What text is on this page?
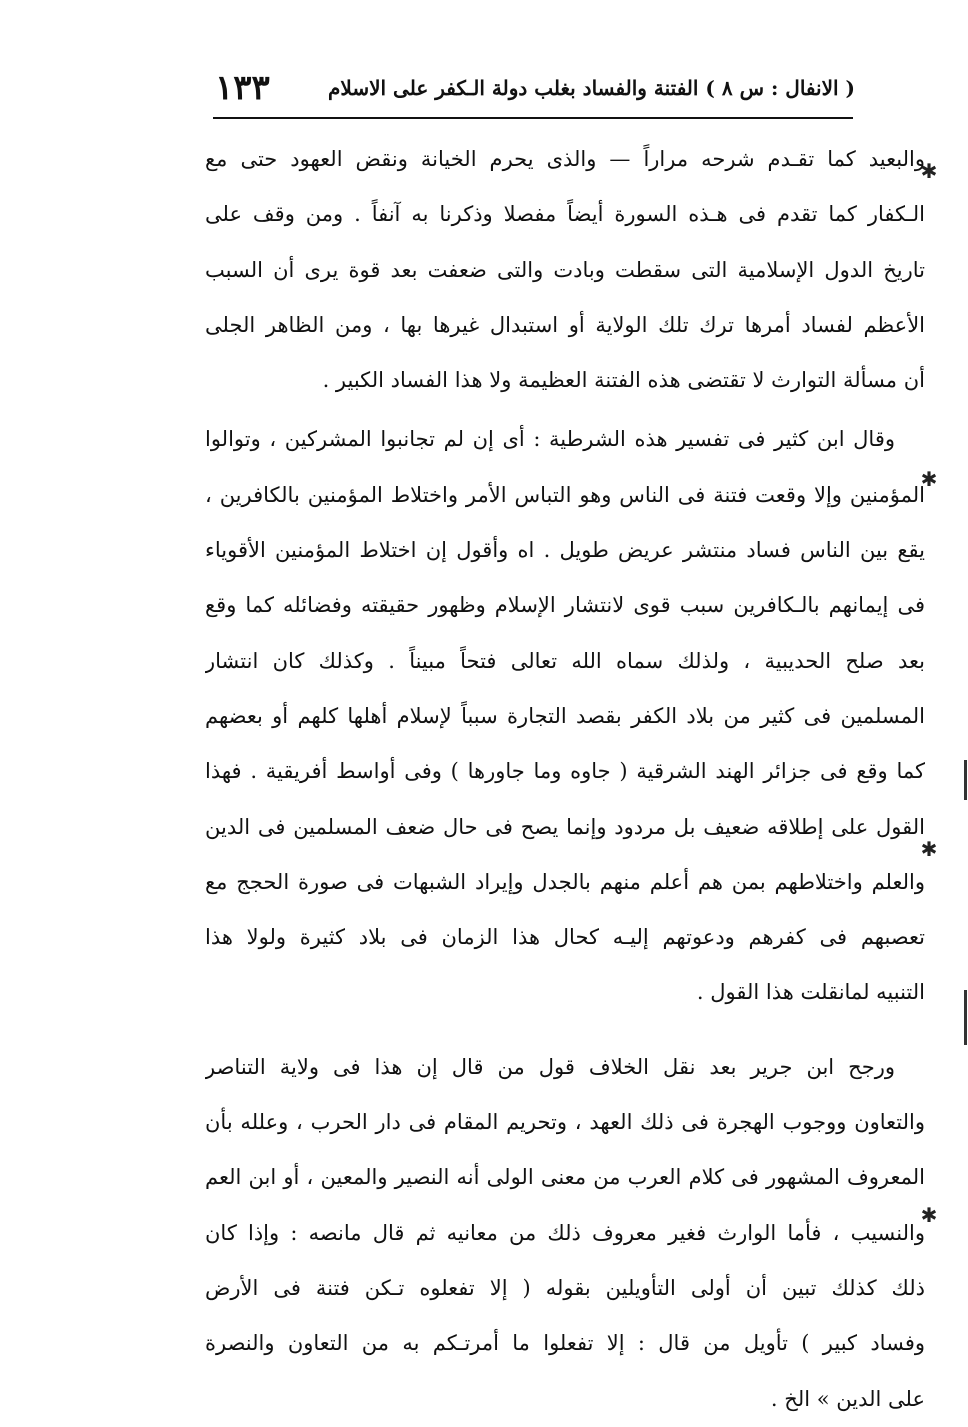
( الانفال : س ٨ ) الفتنة والفساد بغلب دولة الـكفر على الاسلام
١٣٣
والبعيد كما تقـدم شرحه مراراً — والذى يحرم الخيانة ونقض العهود حتى مع
الـكفار كما تقدم فى هـذه السورة أيضاً مفصلا وذكرنا به آنفاً . ومن وقف على
تاريخ الدول الإسلامية التى سقطت وبادت والتى ضعفت بعد قوة يرى أن السبب
الأعظم لفساد أمرها ترك تلك الولاية أو استبدال غيرها بها ، ومن الظاهر الجلى
أن مسألة التوارث لا تقتضى هذه الفتنة العظيمة ولا هذا الفساد الكبير .
وقال ابن كثير فى تفسير هذه الشرطية : أى إن لم تجانبوا المشركين ، وتوالوا
المؤمنين وإلا وقعت فتنة فى الناس وهو التباس الأمر واختلاط المؤمنين بالكافرين ،
يقع بين الناس فساد منتشر عريض طويل . اه وأقول إن اختلاط المؤمنين الأقوياء
فى إيمانهم بالـكافرين سبب قوى لانتشار الإسلام وظهور حقيقته وفضائله كما وقع
بعد صلح الحديبية ، ولذلك سماه الله تعالى فتحاً مبيناً . وكذلك كان انتشار
المسلمين فى كثير من بلاد الكفر بقصد التجارة سبباً لإسلام أهلها كلهم أو بعضهم
كما وقع فى جزائر الهند الشرقية ( جاوه وما جاورها ) وفى أواسط أفريقية . فهذا
القول على إطلاقه ضعيف بل مردود وإنما يصح فى حال ضعف المسلمين فى الدين
والعلم واختلاطهم بمن هم أعلم منهم بالجدل وإيراد الشبهات فى صورة الحجج مع
تعصبهم فى كفرهم ودعوتهم إليـه كحال هذا الزمان فى بلاد كثيرة ولولا هذا
التنبيه لمانقلت هذا القول .
ورجح ابن جرير بعد نقل الخلاف قول من قال إن هذا فى ولاية التناصر
والتعاون ووجوب الهجرة فى ذلك العهد ، وتحريم المقام فى دار الحرب ، وعلله بأن
المعروف المشهور فى كلام العرب من معنى الولى أنه النصير والمعين ، أو ابن العم
والنسيب ، فأما الوارث فغير معروف ذلك من معانيه ثم قال مانصه : وإذا كان
ذلك كذلك تبين أن أولى التأويلين بقوله ( إلا تفعلوه تـكن فتنة فى الأرض
وفساد كبير ) تأويل من قال : إلا تفعلوا ما أمرتـكم به من التعاون والنصرة
على الدين » الخ .
✱
✱
✱
✱
